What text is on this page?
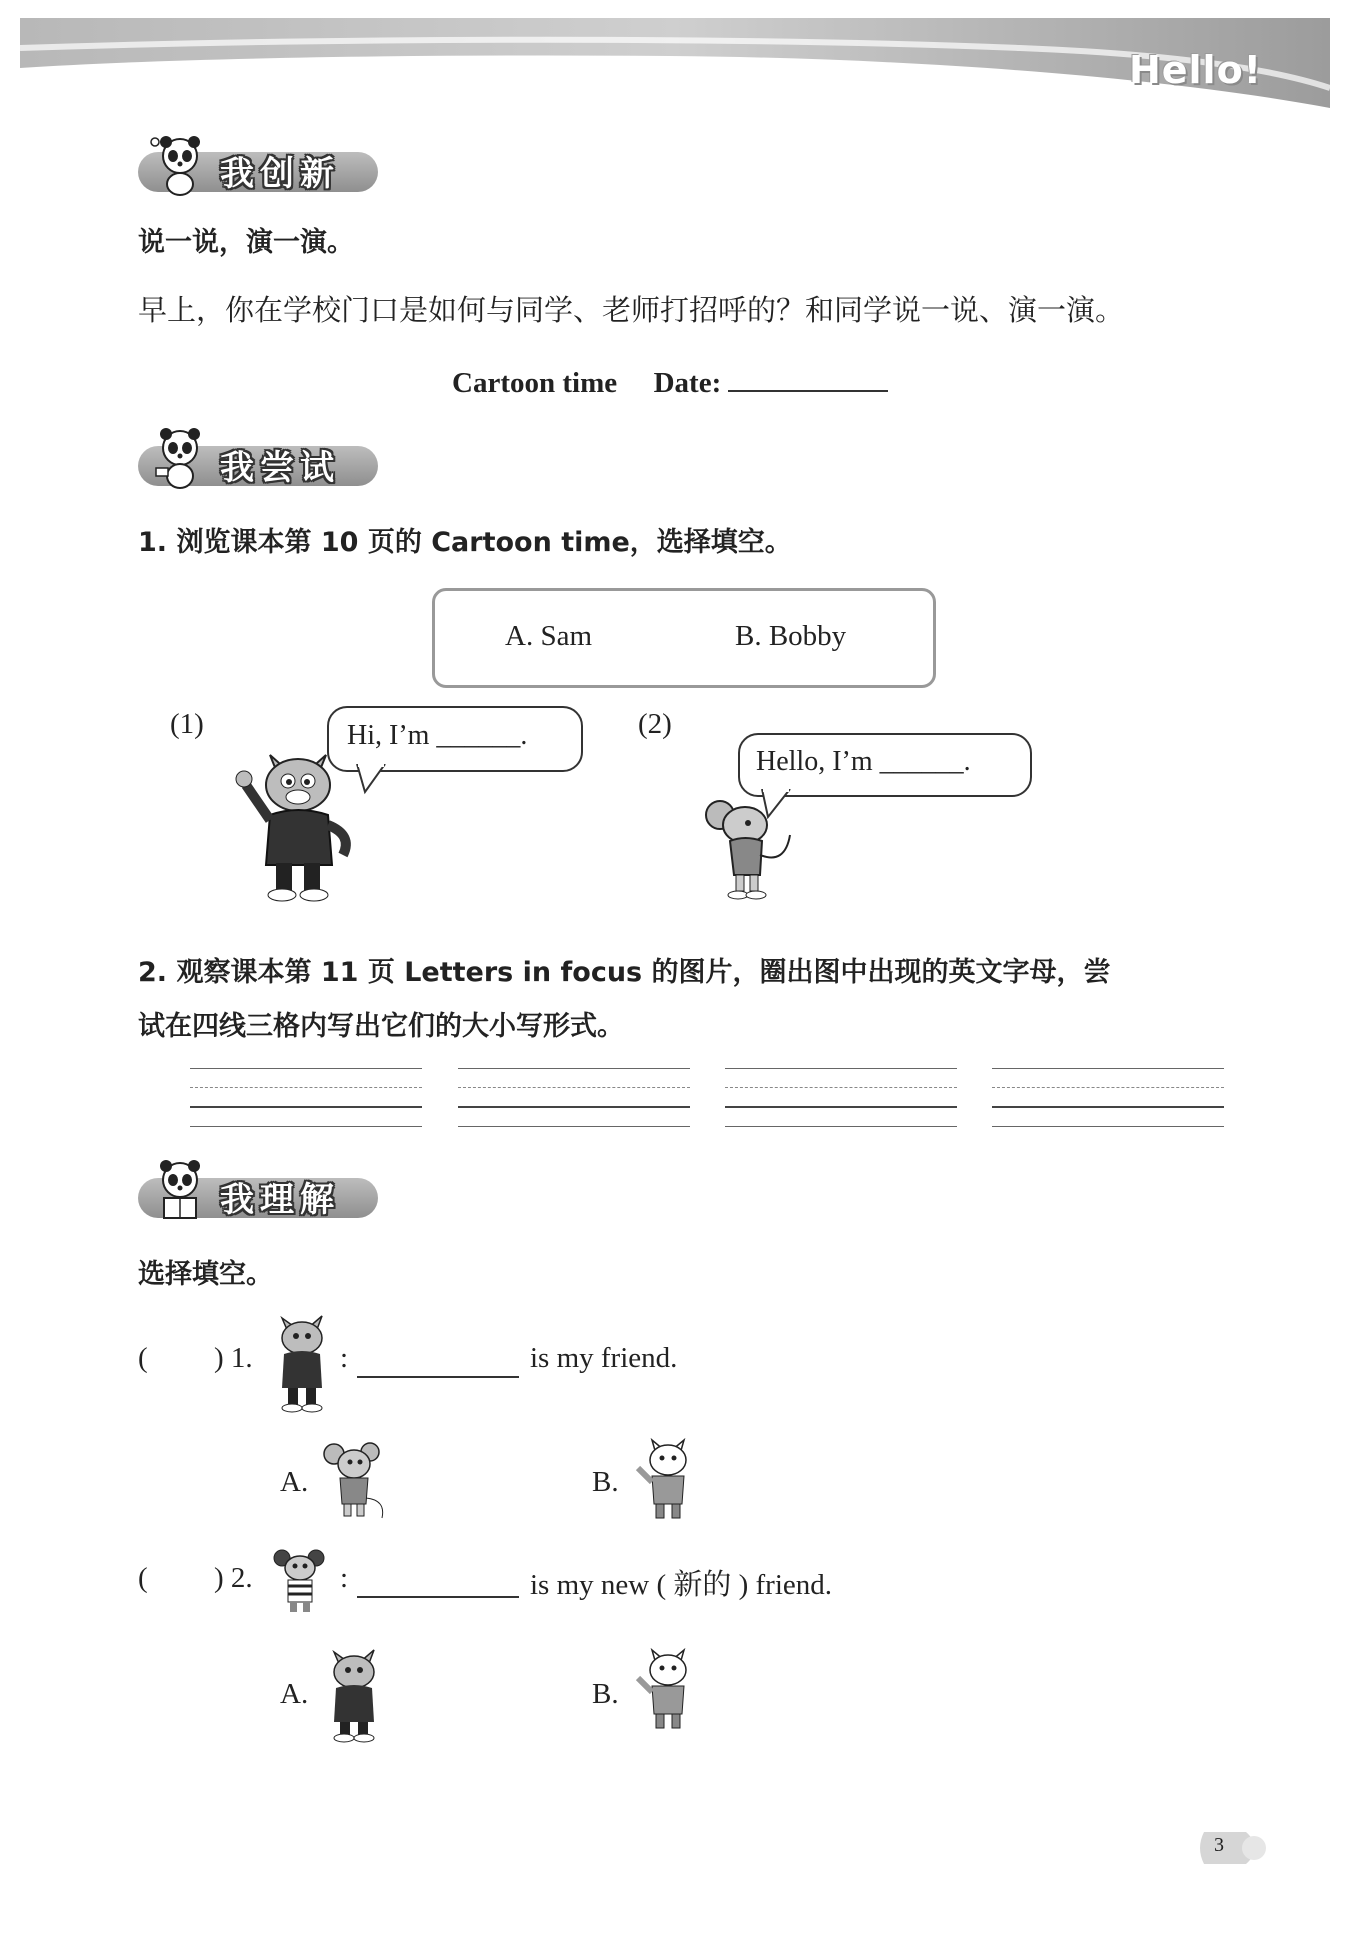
Hello!
我创新
说一说，演一演。
早上，你在学校门口是如何与同学、老师打招呼的？和同学说一说、演一演。
Cartoon time Date:
我尝试
1. 浏览课本第 10 页的 Cartoon time，选择填空。
A. Sam	B. Bobby
(1)	Hi, I’m ______.	(2)
Hello, I’m ______.
2. 观察课本第 11 页 Letters in focus 的图片，圈出图中出现的英文字母，尝
试在四线三格内写出它们的大小写形式。
我理解
选择填空。
( ) 1.	:	is my friend.
A.	B.
( ) 2.	:	is my new ( 新的 ) friend.
A.	B.
3
